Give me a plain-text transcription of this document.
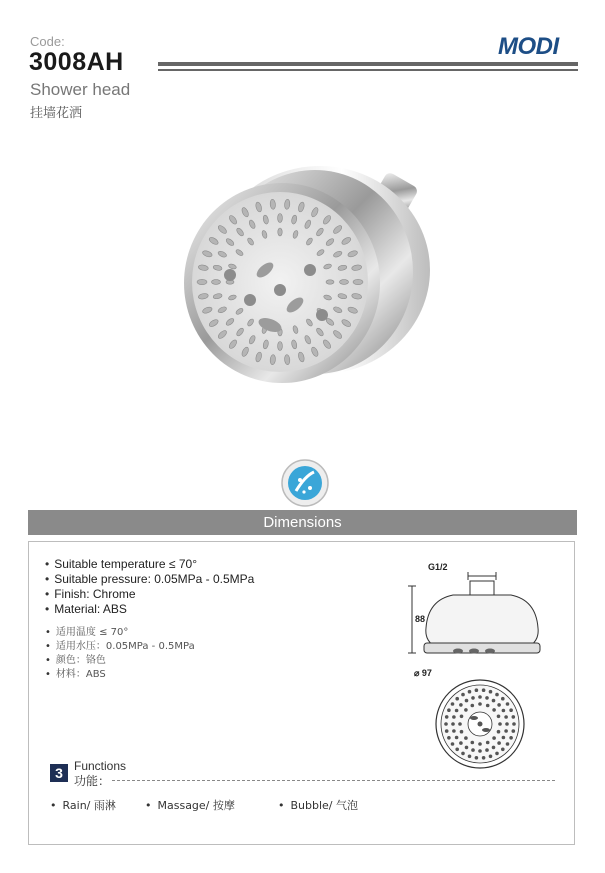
Code:
3008AH
Shower head
挂墙花洒
MODI
Dimensions
• Suitable temperature ≤ 70°
• Suitable pressure: 0.05MPa - 0.5MPa
• Finish: Chrome
• Material: ABS
• 适用温度 ≤ 70°
• 适用水压：0.05MPa - 0.5MPa
• 颜色：铬色
• 材料：ABS
G1/2
88
⌀ 97
3 Functions
功能：
• Rain/ 雨淋	• Massage/ 按摩	• Bubble/ 气泡
